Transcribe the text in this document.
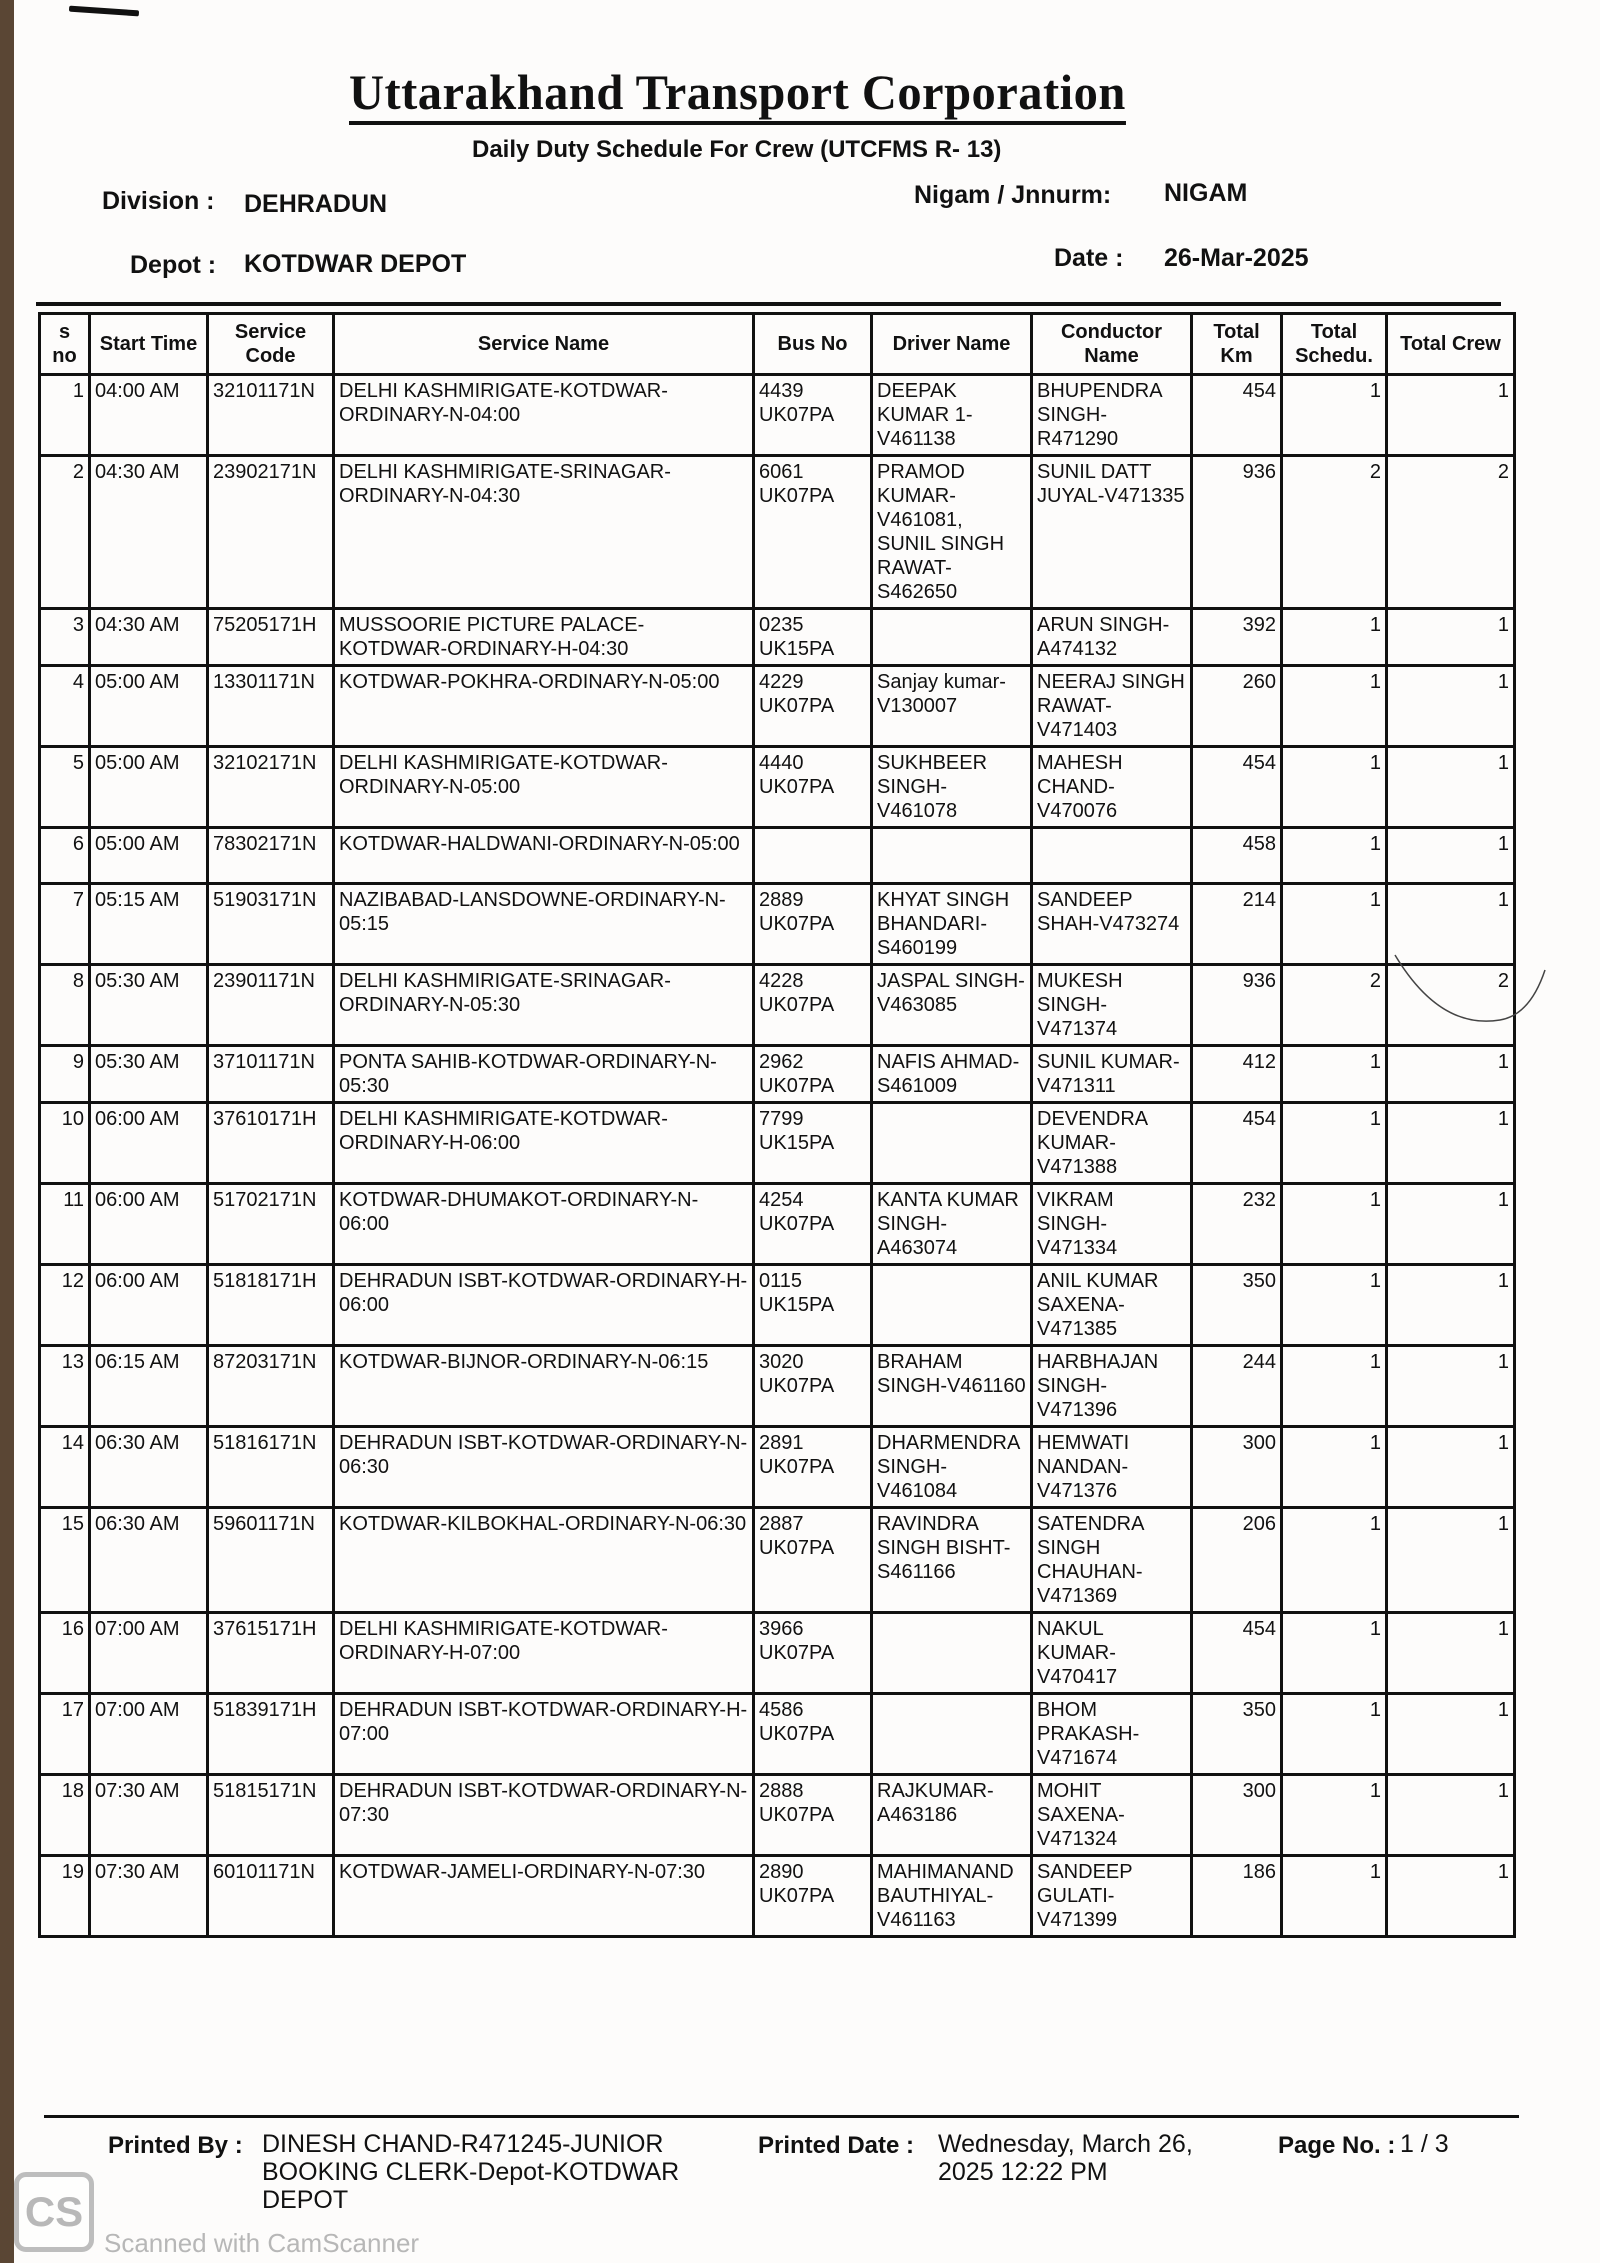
Uttarakhand Transport Corporation
Daily Duty Schedule For Crew (UTCFMS R- 13)
Division : DEHRADUN	Nigam / Jnnurm: NIGAM
Depot : KOTDWAR DEPOT	Date : 26-Mar-2025
s no	Start Time	Service Code	Service Name	Bus No	Driver Name	Conductor Name	Total Km	Total Schedu.	Total Crew
1	04:00 AM	32101171N	DELHI KASHMIRIGATE-KOTDWAR-ORDINARY-N-04:00	4439 UK07PA	DEEPAK KUMAR 1-V461138	BHUPENDRA SINGH-R471290	454	1	1
2	04:30 AM	23902171N	DELHI KASHMIRIGATE-SRINAGAR-ORDINARY-N-04:30	6061 UK07PA	PRAMOD KUMAR-V461081, SUNIL SINGH RAWAT-S462650	SUNIL DATT JUYAL-V471335	936	2	2
3	04:30 AM	75205171H	MUSSOORIE PICTURE PALACE-KOTDWAR-ORDINARY-H-04:30	0235 UK15PA		ARUN SINGH-A474132	392	1	1
4	05:00 AM	13301171N	KOTDWAR-POKHRA-ORDINARY-N-05:00	4229 UK07PA	Sanjay kumar-V130007	NEERAJ SINGH RAWAT-V471403	260	1	1
5	05:00 AM	32102171N	DELHI KASHMIRIGATE-KOTDWAR-ORDINARY-N-05:00	4440 UK07PA	SUKHBEER SINGH-V461078	MAHESH CHAND-V470076	454	1	1
6	05:00 AM	78302171N	KOTDWAR-HALDWANI-ORDINARY-N-05:00				458	1	1
7	05:15 AM	51903171N	NAZIBABAD-LANSDOWNE-ORDINARY-N-05:15	2889 UK07PA	KHYAT SINGH BHANDARI-S460199	SANDEEP SHAH-V473274	214	1	1
8	05:30 AM	23901171N	DELHI KASHMIRIGATE-SRINAGAR-ORDINARY-N-05:30	4228 UK07PA	JASPAL SINGH-V463085	MUKESH SINGH-V471374	936	2	2
9	05:30 AM	37101171N	PONTA SAHIB-KOTDWAR-ORDINARY-N-05:30	2962 UK07PA	NAFIS AHMAD-S461009	SUNIL KUMAR-V471311	412	1	1
10	06:00 AM	37610171H	DELHI KASHMIRIGATE-KOTDWAR-ORDINARY-H-06:00	7799 UK15PA		DEVENDRA KUMAR-V471388	454	1	1
11	06:00 AM	51702171N	KOTDWAR-DHUMAKOT-ORDINARY-N-06:00	4254 UK07PA	KANTA KUMAR SINGH-A463074	VIKRAM SINGH-V471334	232	1	1
12	06:00 AM	51818171H	DEHRADUN ISBT-KOTDWAR-ORDINARY-H-06:00	0115 UK15PA		ANIL KUMAR SAXENA-V471385	350	1	1
13	06:15 AM	87203171N	KOTDWAR-BIJNOR-ORDINARY-N-06:15	3020 UK07PA	BRAHAM SINGH-V461160	HARBHAJAN SINGH-V471396	244	1	1
14	06:30 AM	51816171N	DEHRADUN ISBT-KOTDWAR-ORDINARY-N-06:30	2891 UK07PA	DHARMENDRA SINGH-V461084	HEMWATI NANDAN-V471376	300	1	1
15	06:30 AM	59601171N	KOTDWAR-KILBOKHAL-ORDINARY-N-06:30	2887 UK07PA	RAVINDRA SINGH BISHT-S461166	SATENDRA SINGH CHAUHAN-V471369	206	1	1
16	07:00 AM	37615171H	DELHI KASHMIRIGATE-KOTDWAR-ORDINARY-H-07:00	3966 UK07PA		NAKUL KUMAR-V470417	454	1	1
17	07:00 AM	51839171H	DEHRADUN ISBT-KOTDWAR-ORDINARY-H-07:00	4586 UK07PA		BHOM PRAKASH-V471674	350	1	1
18	07:30 AM	51815171N	DEHRADUN ISBT-KOTDWAR-ORDINARY-N-07:30	2888 UK07PA	RAJKUMAR-A463186	MOHIT SAXENA-V471324	300	1	1
19	07:30 AM	60101171N	KOTDWAR-JAMELI-ORDINARY-N-07:30	2890 UK07PA	MAHIMANAND BAUTHIYAL-V461163	SANDEEP GULATI-V471399	186	1	1
Printed By : DINESH CHAND-R471245-JUNIOR BOOKING CLERK-Depot-KOTDWAR DEPOT
Printed Date : Wednesday, March 26, 2025 12:22 PM
Page No. : 1 / 3
CS
Scanned with CamScanner
